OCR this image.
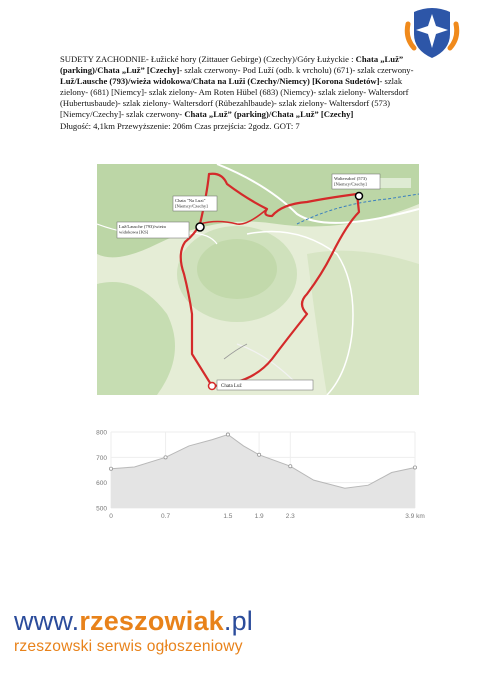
SUDETY ZACHODNIE- Łužické hory (Zittauer Gebirge) (Czechy)/Góry Łużyckie : Chata „Luž” (parking)/Chata „Luž” [Czechy]- szlak czerwony- Pod Luží (odb. k vrcholu) (671)- szlak czerwony- Luž/Lausche (793)/wieża widokowa/Chata na Luži (Czechy/Niemcy) [Korona Sudetów]- szlak zielony- (681) [Niemcy]- szlak zielony- Am Roten Hübel (683) (Niemcy)- szlak zielony- Waltersdorf (Hubertusbaude)- szlak zielony- Waltersdorf (Rübezahlbaude)- szlak zielony- Waltersdorf (573) [Niemcy/Czechy]- szlak czerwony- Chata „Luž” (parking)/Chata „Luž” [Czechy]
Długość: 4,1km Przewyższenie: 206m Czas przejścia: 2godz. GOT: 7
Chata "Na Luzi" [Niemcy/Czechy]
Luž/Lausche (793)/wieża widokowa [KS]
Waltersdorf (573) [Niemcy/Czechy]
Chata Luž
800
700
600
500
0	0.7	1.5	1.9	2.3	3.9 km
www.rzeszowiak.pl
rzeszowski serwis ogłoszeniowy
